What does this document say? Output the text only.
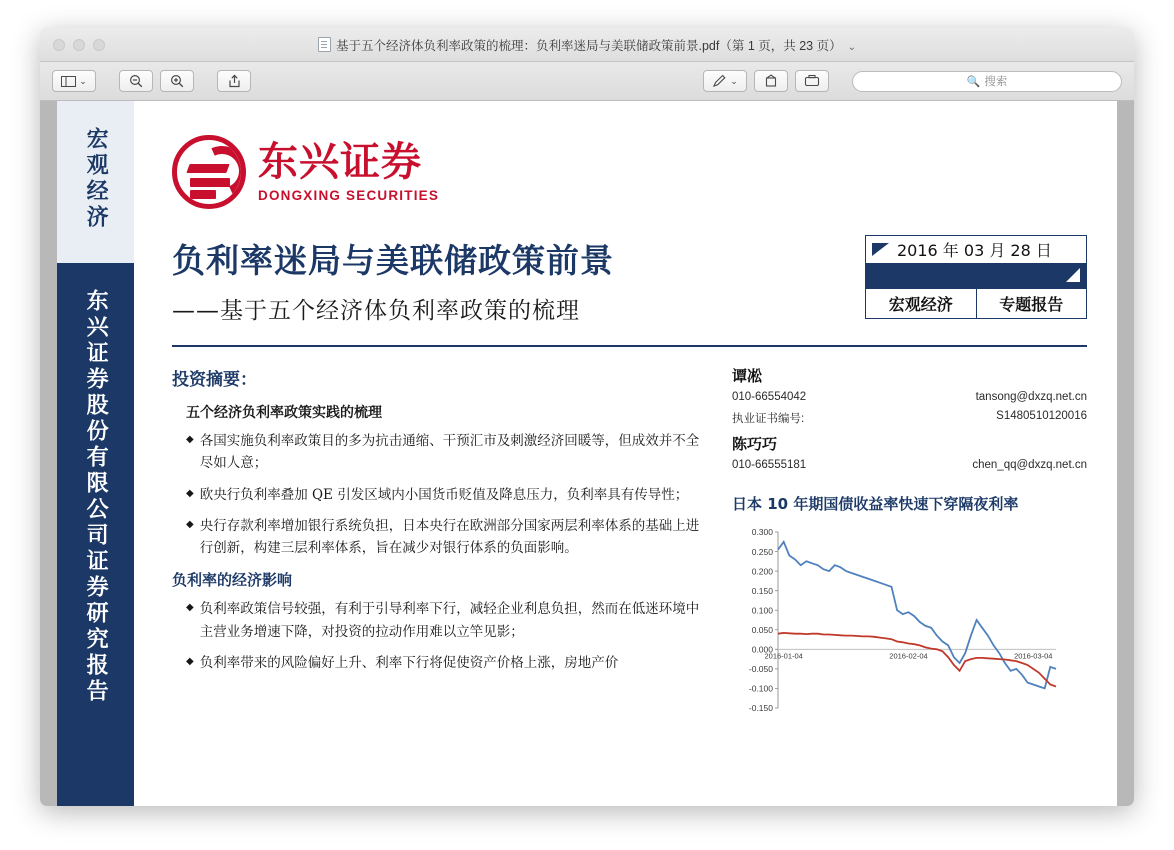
基于五个经济体负利率政策的梳理：负利率迷局与美联储政策前景.pdf（第 1 页，共 23 页） ⌄
⌄	⌄	🔍 搜索
宏观经济
东兴证券股份有限公司证券研究报告
东兴证券
DONGXING SECURITIES
负利率迷局与美联储政策前景
——基于五个经济体负利率政策的梳理
2016 年 03 月 28 日
宏观经济	专题报告
投资摘要：
五个经济负利率政策实践的梳理
◆ 各国实施负利率政策目的多为抗击通缩、干预汇市及刺激经济回暖等，但成效并不全尽如人意；
◆ 欧央行负利率叠加 QE 引发区域内小国货币贬值及降息压力，负利率具有传导性；
◆ 央行存款利率增加银行系统负担，日本央行在欧洲部分国家两层利率体系的基础上进行创新，构建三层利率体系，旨在减少对银行体系的负面影响。
负利率的经济影响
◆ 负利率政策信号较强，有利于引导利率下行，减轻企业利息负担，然而在低迷环境中主营业务增速下降，对投资的拉动作用难以立竿见影；
◆ 负利率带来的风险偏好上升、利率下行将促使资产价格上涨，房地产价
谭凇
010-66554042	tansong@dxzq.net.cn
执业证书编号:	S1480510120016
陈巧巧
010-66555181	chen_qq@dxzq.net.cn
日本 10 年期国债收益率快速下穿隔夜利率
0.300
0.250
0.200
0.150
0.100
0.050
0.000
-0.050
-0.100
-0.150
2016-01-04	2016-02-04	2016-03-04
